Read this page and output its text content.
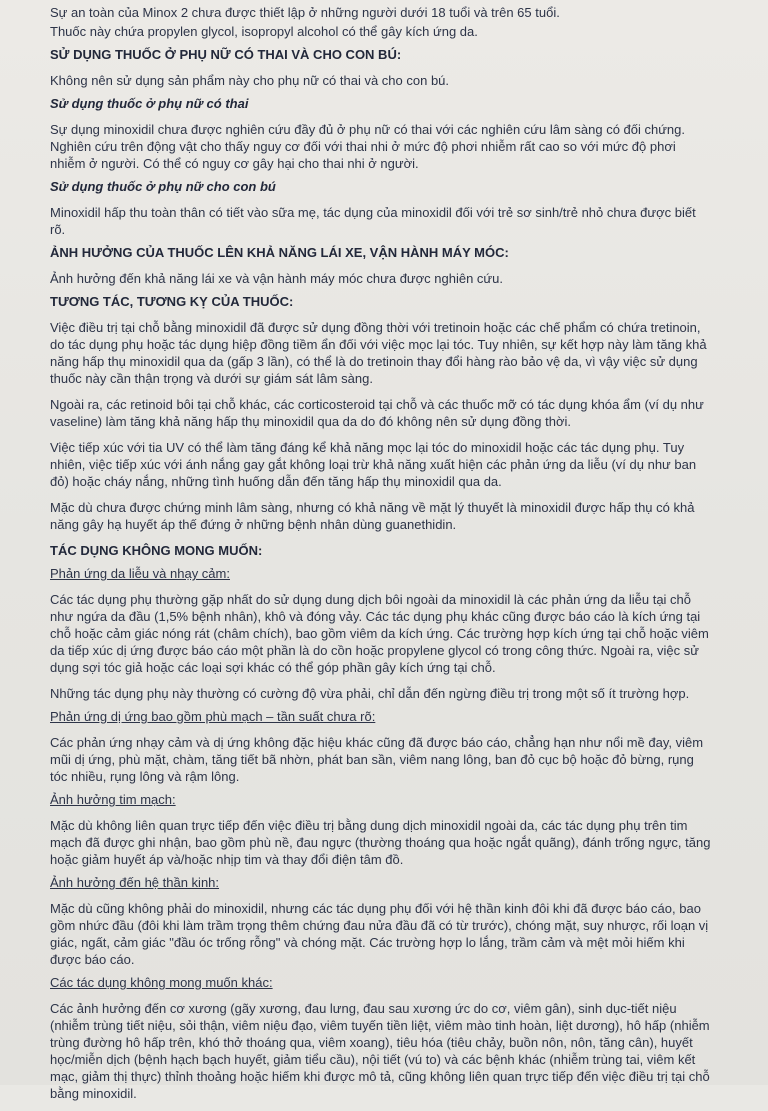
Sự an toàn của Minox 2 chưa được thiết lập ở những người dưới 18 tuổi và trên 65 tuổi.

Thuốc này chứa propylen glycol, isopropyl alcohol có thể gây kích ứng da.

SỬ DỤNG THUỐC Ở PHỤ NỮ CÓ THAI VÀ CHO CON BÚ:

Không nên sử dụng sản phẩm này cho phụ nữ có thai và cho con bú.

Sử dụng thuốc ở phụ nữ có thai

Sự dụng minoxidil chưa được nghiên cứu đầy đủ ở phụ nữ có thai với các nghiên cứu lâm sàng có đối chứng. Nghiên cứu trên động vật cho thấy nguy cơ đối với thai nhi ở mức độ phơi nhiễm rất cao so với mức độ phơi nhiễm ở người. Có thể có nguy cơ gây hại cho thai nhi ở người.

Sử dụng thuốc ở phụ nữ cho con bú

Minoxidil hấp thu toàn thân có tiết vào sữa mẹ, tác dụng của minoxidil đối với trẻ sơ sinh/trẻ nhỏ chưa được biết rõ.

ẢNH HƯỞNG CỦA THUỐC LÊN KHẢ NĂNG LÁI XE, VẬN HÀNH MÁY MÓC:

Ảnh hưởng đến khả năng lái xe và vận hành máy móc chưa được nghiên cứu.

TƯƠNG TÁC, TƯƠNG KỴ CỦA THUỐC:

Việc điều trị tại chỗ bằng minoxidil đã được sử dụng đồng thời với tretinoin hoặc các chế phẩm có chứa tretinoin, do tác dụng phụ hoặc tác dụng hiệp đồng tiềm ẩn đối với việc mọc lại tóc. Tuy nhiên, sự kết hợp này làm tăng khả năng hấp thụ minoxidil qua da (gấp 3 lần), có thể là do tretinoin thay đổi hàng rào bảo vệ da, vì vậy việc sử dụng thuốc này cần thận trọng và dưới sự giám sát lâm sàng.

Ngoài ra, các retinoid bôi tại chỗ khác, các corticosteroid tại chỗ và các thuốc mỡ có tác dụng khóa ẩm (ví dụ như vaseline) làm tăng khả năng hấp thụ minoxidil qua da do đó không nên sử dụng đồng thời.

Việc tiếp xúc với tia UV có thể làm tăng đáng kể khả năng mọc lại tóc do minoxidil hoặc các tác dụng phụ. Tuy nhiên, việc tiếp xúc với ánh nắng gay gắt không loại trừ khả năng xuất hiện các phản ứng da liễu (ví dụ như ban đỏ) hoặc cháy nắng, những tình huống dẫn đến tăng hấp thụ minoxidil qua da.

Mặc dù chưa được chứng minh lâm sàng, nhưng có khả năng về mặt lý thuyết là minoxidil được hấp thụ có khả năng gây hạ huyết áp thế đứng ở những bệnh nhân dùng guanethidin.

TÁC DỤNG KHÔNG MONG MUỐN:

Phản ứng da liễu và nhạy cảm:

Các tác dụng phụ thường gặp nhất do sử dụng dung dịch bôi ngoài da minoxidil là các phản ứng da liễu tại chỗ như ngứa da đầu (1,5% bệnh nhân), khô và đóng vảy. Các tác dụng phụ khác cũng được báo cáo là kích ứng tại chỗ hoặc cảm giác nóng rát (châm chích), bao gồm viêm da kích ứng. Các trường hợp kích ứng tại chỗ hoặc viêm da tiếp xúc dị ứng được báo cáo một phần là do cồn hoặc propylene glycol có trong công thức. Ngoài ra, việc sử dụng sợi tóc giả hoặc các loại sợi khác có thể góp phần gây kích ứng tại chỗ.

Những tác dụng phụ này thường có cường độ vừa phải, chỉ dẫn đến ngừng điều trị trong một số ít trường hợp.

Phản ứng dị ứng bao gồm phù mạch – tần suất chưa rõ:

Các phản ứng nhạy cảm và dị ứng không đặc hiệu khác cũng đã được báo cáo, chẳng hạn như nổi mề đay, viêm mũi dị ứng, phù mặt, chàm, tăng tiết bã nhờn, phát ban sần, viêm nang lông, ban đỏ cục bộ hoặc đỏ bừng, rụng tóc nhiều, rụng lông và rậm lông.

Ảnh hưởng tim mạch:

Mặc dù không liên quan trực tiếp đến việc điều trị bằng dung dịch minoxidil ngoài da, các tác dụng phụ trên tim mạch đã được ghi nhận, bao gồm phù nề, đau ngực (thường thoáng qua hoặc ngắt quãng), đánh trống ngực, tăng hoặc giảm huyết áp và/hoặc nhịp tim và thay đổi điện tâm đồ.

Ảnh hưởng đến hệ thần kinh:

Mặc dù cũng không phải do minoxidil, nhưng các tác dụng phụ đối với hệ thần kinh đôi khi đã được báo cáo, bao gồm nhức đầu (đôi khi làm trầm trọng thêm chứng đau nửa đầu đã có từ trước), chóng mặt, suy nhược, rối loạn vị giác, ngất, cảm giác "đầu óc trống rỗng" và chóng mặt. Các trường hợp lo lắng, trầm cảm và mệt mỏi hiếm khi được báo cáo.

Các tác dụng không mong muốn khác:

Các ảnh hưởng đến cơ xương (gãy xương, đau lưng, đau sau xương ức do cơ, viêm gân), sinh dục-tiết niệu (nhiễm trùng tiết niệu, sỏi thận, viêm niệu đạo, viêm tuyến tiền liệt, viêm mào tinh hoàn, liệt dương), hô hấp (nhiễm trùng đường hô hấp trên, khó thở thoáng qua, viêm xoang), tiêu hóa (tiêu chảy, buồn nôn, nôn, tăng cân), huyết học/miễn dịch (bệnh hạch bạch huyết, giảm tiểu cầu), nội tiết (vú to) và các bệnh khác (nhiễm trùng tai, viêm kết mạc, giảm thị thực) thỉnh thoảng hoặc hiếm khi được mô tả, cũng không liên quan trực tiếp đến việc điều trị tại chỗ bằng minoxidil.
